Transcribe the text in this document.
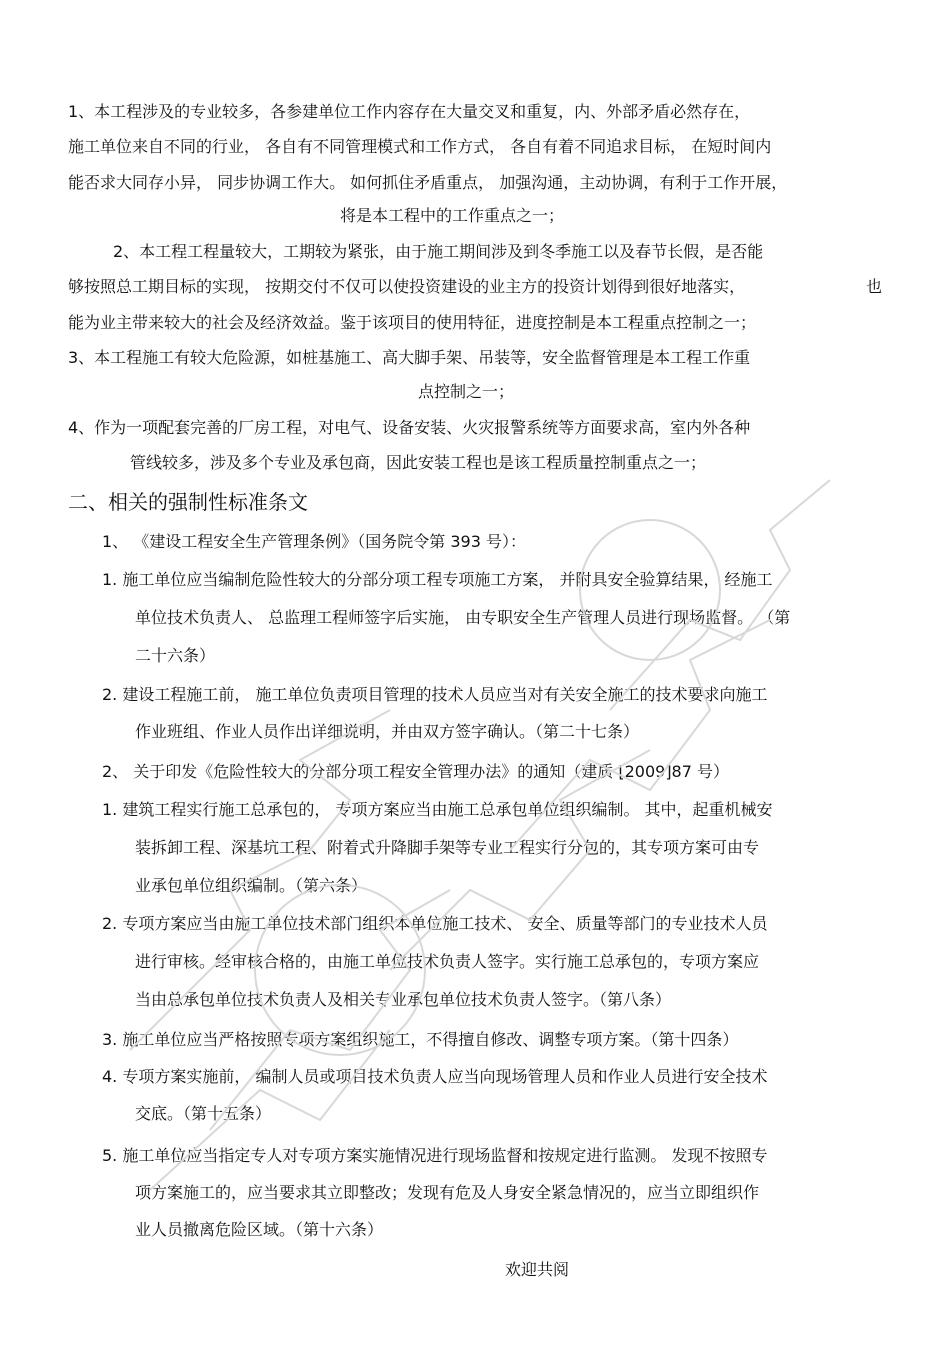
1、本工程涉及的专业较多，各参建单位工作内容存在大量交叉和重复，内、外部矛盾必然存在，
施工单位来自不同的行业， 各自有不同管理模式和工作方式， 各自有着不同追求目标， 在短时间内
能否求大同存小异， 同步协调工作大。 如何抓住矛盾重点， 加强沟通，主动协调，有利于工作开展，
将是本工程中的工作重点之一；
2、本工程工程量较大，工期较为紧张，由于施工期间涉及到冬季施工以及春节长假，是否能
够按照总工期目标的实现， 按期交付不仅可以使投资建设的业主方的投资计划得到很好地落实，	也
能为业主带来较大的社会及经济效益。鉴于该项目的使用特征，进度控制是本工程重点控制之一；
3、本工程施工有较大危险源，如桩基施工、高大脚手架、吊装等，安全监督管理是本工程工作重
点控制之一；
4、作为一项配套完善的厂房工程，对电气、设备安装、火灾报警系统等方面要求高，室内外各种
管线较多，涉及多个专业及承包商，因此安装工程也是该工程质量控制重点之一；
二、相关的强制性标准条文
1、 《建设工程安全生产管理条例》（国务院令第 393 号）：
1. 施工单位应当编制危险性较大的分部分项工程专项施工方案， 并附具安全验算结果， 经施工
单位技术负责人、 总监理工程师签字后实施， 由专职安全生产管理人员进行现场监督。 （第
二十六条）
2. 建设工程施工前， 施工单位负责项目管理的技术人员应当对有关安全施工的技术要求向施工
作业班组、作业人员作出详细说明，并由双方签字确认。（第二十七条）
2、 关于印发《危险性较大的分部分项工程安全管理办法》的通知（建质 [2009]87 号）
1. 建筑工程实行施工总承包的， 专项方案应当由施工总承包单位组织编制。 其中，起重机械安
装拆卸工程、深基坑工程、附着式升降脚手架等专业工程实行分包的，其专项方案可由专
业承包单位组织编制。（第六条）
2. 专项方案应当由施工单位技术部门组织本单位施工技术、 安全、质量等部门的专业技术人员
进行审核。经审核合格的，由施工单位技术负责人签字。实行施工总承包的，专项方案应
当由总承包单位技术负责人及相关专业承包单位技术负责人签字。（第八条）
3. 施工单位应当严格按照专项方案组织施工，不得擅自修改、调整专项方案。（第十四条）
4. 专项方案实施前， 编制人员或项目技术负责人应当向现场管理人员和作业人员进行安全技术
交底。（第十五条）
5. 施工单位应当指定专人对专项方案实施情况进行现场监督和按规定进行监测。 发现不按照专
项方案施工的，应当要求其立即整改；发现有危及人身安全紧急情况的，应当立即组织作
业人员撤离危险区域。（第十六条）
欢迎共阅
